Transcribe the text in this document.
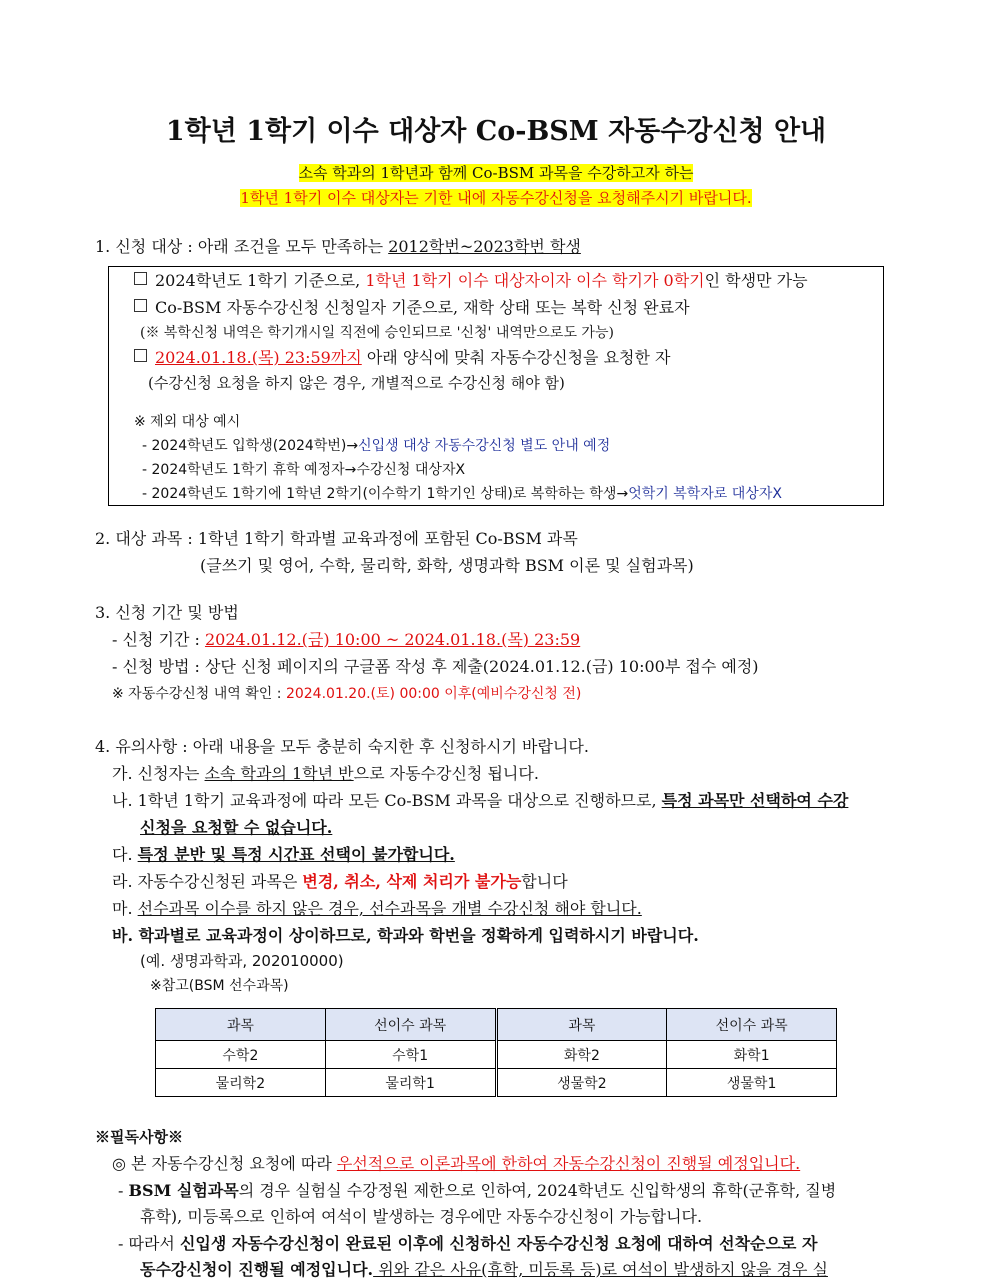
1학년 1학기 이수 대상자 Co-BSM 자동수강신청 안내
소속 학과의 1학년과 함께 Co-BSM 과목을 수강하고자 하는
1학년 1학기 이수 대상자는 기한 내에 자동수강신청을 요청해주시기 바랍니다.
1. 신청 대상 : 아래 조건을 모두 만족하는 2012학번~2023학번 학생
2024학년도 1학기 기준으로, 1학년 1학기 이수 대상자이자 이수 학기가 0학기인 학생만 가능
Co-BSM 자동수강신청 신청일자 기준으로, 재학 상태 또는 복학 신청 완료자
(※ 복학신청 내역은 학기개시일 직전에 승인되므로 '신청' 내역만으로도 가능)
2024.01.18.(목) 23:59까지 아래 양식에 맞춰 자동수강신청을 요청한 자
(수강신청 요청을 하지 않은 경우, 개별적으로 수강신청 해야 함)
※ 제외 대상 예시
- 2024학년도 입학생(2024학번)→신입생 대상 자동수강신청 별도 안내 예정
- 2024학년도 1학기 휴학 예정자→수강신청 대상자X
- 2024학년도 1학기에 1학년 2학기(이수학기 1학기인 상태)로 복학하는 학생→엇학기 복학자로 대상자X
2. 대상 과목 : 1학년 1학기 학과별 교육과정에 포함된 Co-BSM 과목
(글쓰기 및 영어, 수학, 물리학, 화학, 생명과학 BSM 이론 및 실험과목)
3. 신청 기간 및 방법
- 신청 기간 : 2024.01.12.(금) 10:00 ~ 2024.01.18.(목) 23:59
- 신청 방법 : 상단 신청 페이지의 구글폼 작성 후 제출(2024.01.12.(금) 10:00부 접수 예정)
※ 자동수강신청 내역 확인 : 2024.01.20.(토) 00:00 이후(예비수강신청 전)
4. 유의사항 : 아래 내용을 모두 충분히 숙지한 후 신청하시기 바랍니다.
가. 신청자는 소속 학과의 1학년 반으로 자동수강신청 됩니다.
나. 1학년 1학기 교육과정에 따라 모든 Co-BSM 과목을 대상으로 진행하므로, 특정 과목만 선택하여 수강
신청을 요청할 수 없습니다.
다. 특정 분반 및 특정 시간표 선택이 불가합니다.
라. 자동수강신청된 과목은 변경, 취소, 삭제 처리가 불가능합니다
마. 선수과목 이수를 하지 않은 경우, 선수과목을 개별 수강신청 해야 합니다.
바. 학과별로 교육과정이 상이하므로, 학과와 학번을 정확하게 입력하시기 바랍니다.
(예. 생명과학과, 202010000)
※참고(BSM 선수과목)
과목	선이수 과목	과목	선이수 과목
수학2	수학1	화학2	화학1
물리학2	물리학1	생물학2	생물학1
※필독사항※
◎ 본 자동수강신청 요청에 따라 우선적으로 이론과목에 한하여 자동수강신청이 진행될 예정입니다.
- BSM 실험과목의 경우 실험실 수강정원 제한으로 인하여, 2024학년도 신입학생의 휴학(군휴학, 질병
휴학), 미등록으로 인하여 여석이 발생하는 경우에만 자동수강신청이 가능합니다.
- 따라서 신입생 자동수강신청이 완료된 이후에 신청하신 자동수강신청 요청에 대하여 선착순으로 자
동수강신청이 진행될 예정입니다. 위와 같은 사유(휴학, 미등록 등)로 여석이 발생하지 않을 경우 실
